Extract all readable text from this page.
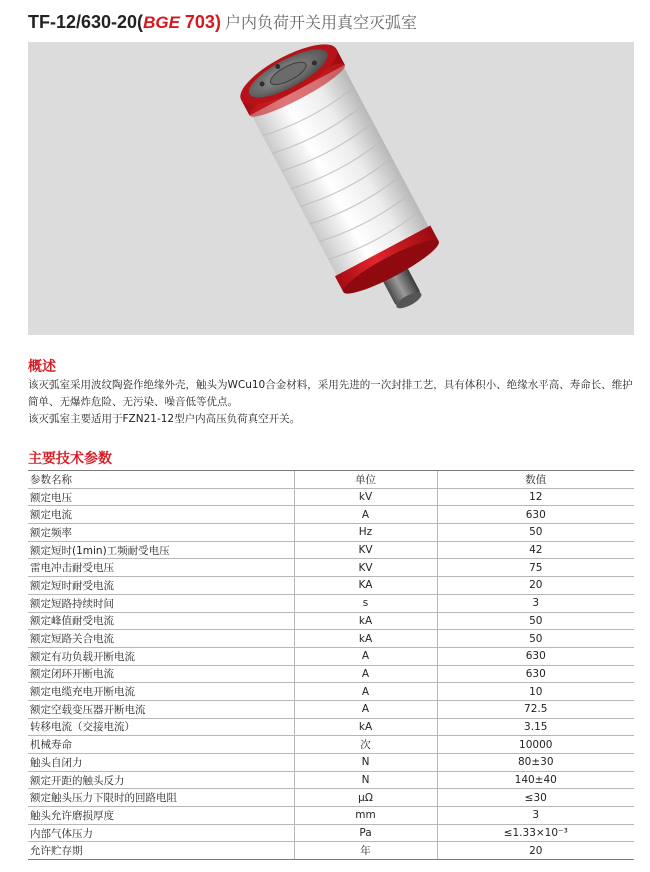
TF-12/630-20(BGE 703) 户内负荷开关用真空灭弧室
概述

该灭弧室采用波纹陶瓷作绝缘外壳，触头为WCu10合金材料，采用先进的一次封排工艺，具有体积小、绝缘水平高、寿命长、维护

简单、无爆炸危险、无污染、噪音低等优点。

该灭弧室主要适用于FZN21-12型户内高压负荷真空开关。

主要技术参数
参数名称	单位	数值
额定电压	kV	12
额定电流	A	630
额定频率	Hz	50
额定短时(1min)工频耐受电压	KV	42
雷电冲击耐受电压	KV	75
额定短时耐受电流	KA	20
额定短路持续时间	s	3
额定峰值耐受电流	kA	50
额定短路关合电流	kA	50
额定有功负载开断电流	A	630
额定闭环开断电流	A	630
额定电缆充电开断电流	A	10
额定空载变压器开断电流	A	72.5
转移电流（交接电流）	kA	3.15
机械寿命	次	10000
触头自闭力	N	80±30
额定开距的触头反力	N	140±40
额定触头压力下限时的回路电阻	μΩ	≤30
触头允许磨损厚度	mm	3
内部气体压力	Pa	≤1.33×10⁻³
允许贮存期	年	20
